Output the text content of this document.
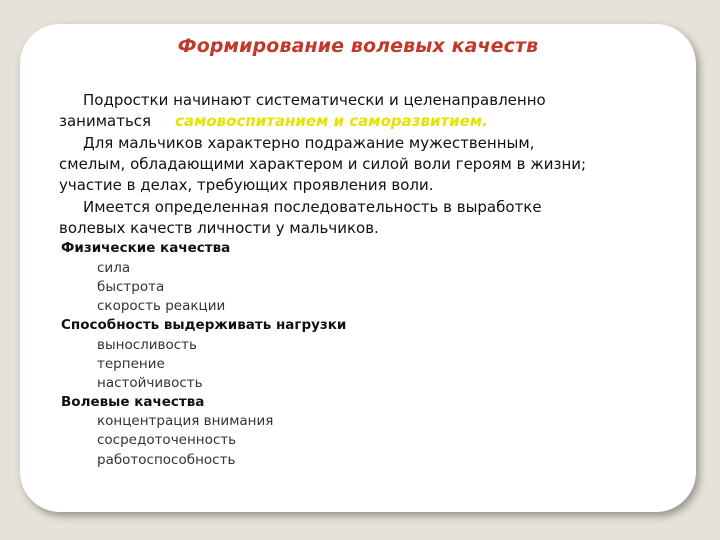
Формирование волевых качеств

Подростки начинают систематически и целенаправленно

заниматься самовоспитанием и саморазвитием.

Для мальчиков характерно подражание мужественным,

смелым, обладающими характером и силой воли героям в жизни;

участие в делах, требующих проявления воли.

Имеется определенная последовательность в выработке

волевых качеств личности у мальчиков.

Физические качества
сила
быстрота
скорость реакции
Способность выдерживать нагрузки
выносливость
терпение
настойчивость
Волевые качества
концентрация внимания
сосредоточенность
работоспособность
